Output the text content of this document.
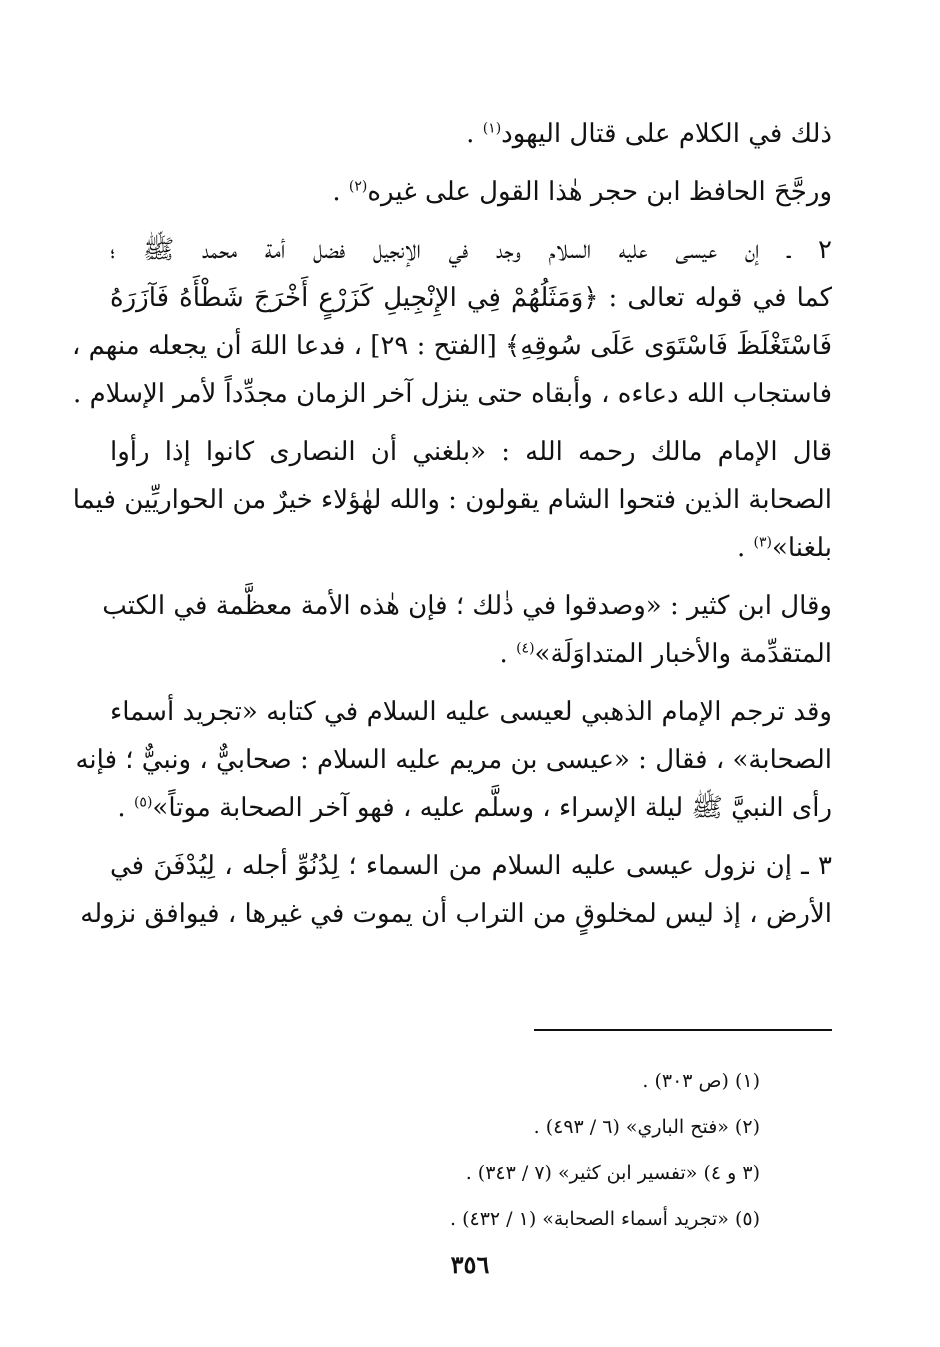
ذلك في الكلام على قتال اليهود$^{(١)}$ .
ورجَّحَ الحافظ ابن حجر هٰذا القول على غيره$^{(٢)}$ .
٢ ـ إن عيسى عليه السلام وجد في الإنجيل فضل أمة محمد ﷺ ؛
كما في قوله تعالى : ﴿وَمَثَلُهُمْ فِي الإِنْجِيلِ كَزَرْعٍ أَخْرَجَ شَطْأَهُ فَآزَرَهُ
فَاسْتَغْلَظَ فَاسْتَوَى عَلَى سُوقِهِ﴾ [الفتح : ٢٩] ، فدعا اللهَ أن يجعله منهم ،
فاستجاب الله دعاءه ، وأبقاه حتى ينزل آخر الزمان مجدِّداً لأمر الإسلام .
قال الإمام مالك رحمه الله : «بلغني أن النصارى كانوا إذا رأوا
الصحابة الذين فتحوا الشام يقولون : والله لهٰؤلاء خيرٌ من الحواريِّين فيما
بلغنا»$^{(٣)}$ .
وقال ابن كثير : «وصدقوا في ذٰلك ؛ فإن هٰذه الأمة معظَّمة في الكتب
المتقدِّمة والأخبار المتداوَلَة»$^{(٤)}$ .
وقد ترجم الإمام الذهبي لعيسى عليه السلام في كتابه «تجريد أسماء
الصحابة» ، فقال : «عيسى بن مريم عليه السلام : صحابيٌّ ، ونبيٌّ ؛ فإنه
رأى النبيَّ ﷺ ليلة الإسراء ، وسلَّم عليه ، فهو آخر الصحابة موتاً»$^{(٥)}$ .
٣ ـ إن نزول عيسى عليه السلام من السماء ؛ لِدُنُوِّ أجله ، لِيُدْفَنَ في
الأرض ، إذ ليس لمخلوقٍ من التراب أن يموت في غيرها ، فيوافق نزوله
(١) (ص ٣٠٣) .
(٢) «فتح الباري» (٦ / ٤٩٣) .
(٣ و ٤) «تفسير ابن كثير» (٧ / ٣٤٣) .
(٥) «تجريد أسماء الصحابة» (١ / ٤٣٢) .
٣٥٦
